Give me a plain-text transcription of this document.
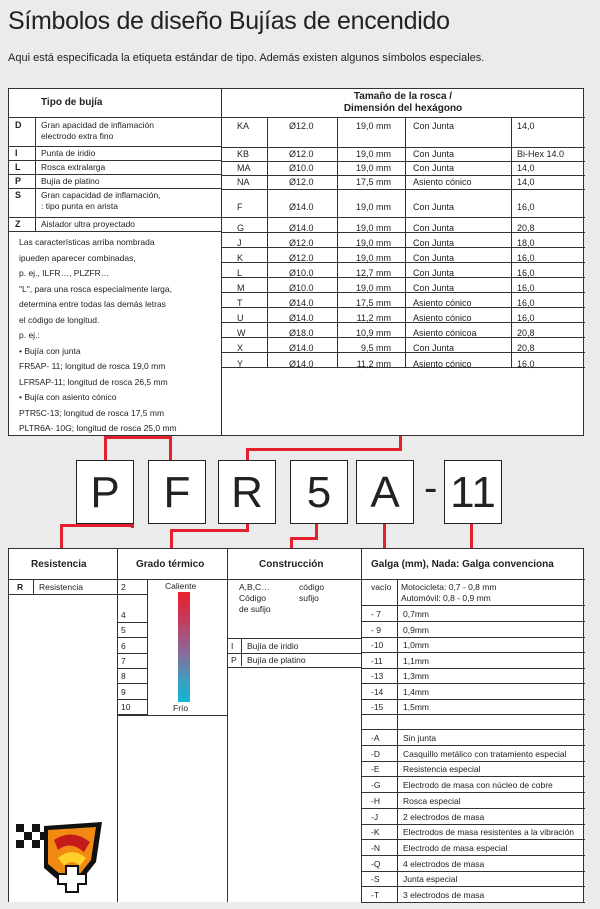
Símbolos de diseño Bujías de encendido
Aqui está especificada la etiqueta estándar de tipo. Además existen algunos símbolos especiales.
Tipo de bujía
Tamaño de la rosca /
Dimensión del hexágono
D Gran apacidad de inflamación
electrodo extra fino
I	Punta de iridio
L Rosca extralarga
P Bujía de platino
S Gran capacidad de inflamación,
: tipo punta en arista
Z Aislador ultra proyectado
Las características arriba nombrada
ipueden aparecer combinadas,
p. ej., ILFR…, PLZFR…
"L", para una rosca especialmente larga,
determina entre todas las demás letras
el código de longitud.
p. ej.:
• Bujía con junta
FR5AP- 11; longitud de rosca 19,0 mm
LFR5AP-11; longitud de rosca 26,5 mm
• Bujía con asiento cónico
PTR5C-13; longitud de rosca 17,5 mm
PLTR6A- 10G; longitud de rosca 25,0 mm
KA	Ø12.0	19,0 mm Con Junta	14,0
KB	Ø12.0	19,0 mm Con Junta	Bi-Hex 14.0
MA	Ø10.0	19,0 mm Con Junta	14,0
NA	Ø12.0	17,5 mm Asiento cónico	14,0
F	Ø14.0	19,0 mm Con Junta	16,0
G	Ø14.0	19,0 mm Con Junta	20,8
J	Ø12.0	19,0 mm Con Junta	18,0
K	Ø12.0	19,0 mm Con Junta	16,0
L	Ø10.0	12,7 mm Con Junta	16,0
M	Ø10.0	19,0 mm Con Junta	16,0
T	Ø14.0	17,5 mm Asiento cónico	16,0
U	Ø14.0	11,2 mm Asiento cónico	16,0
W	Ø18.0	10,9 mm Asiento cónicoa	20,8
X	Ø14.0	9,5 mm Con Junta	20,8
Y	Ø14.0	11,2 mm Asiento cónico	16,0
P F R 5 A - 11
Resistencia	Grado térmico	Construcción	Galga (mm), Nada: Galga convenciona
R Resistencia	2
4
5
6
7
8
9
10
Caliente
Frío
A,B,C…	código
Código	sufijo
de sufijo
I Bujía de iridio
P Bujía de platino
vacío Motocicleta: 0,7 - 0,8 mm
Automóvil: 0,8 - 0,9 mm
- 7	0,7mm
- 9	0,9mm
-10 1,0mm
-11 1,1mm
-13 1,3mm
-14 1,4mm
-15 1,5mm
-A	Sin junta
-D	Casquillo metálico con tratamiento especial
-E	Resistencia especial
-G	Electrodo de masa con núcleo de cobre
-H	Rosca especial
-J	2 electrodos de masa
-K	Electrodos de masa resistentes a la vibración
-N	Electrodo de masa especial
-Q	4 electrodos de masa
-S	Junta especial
-T	3 electrodos de masa
